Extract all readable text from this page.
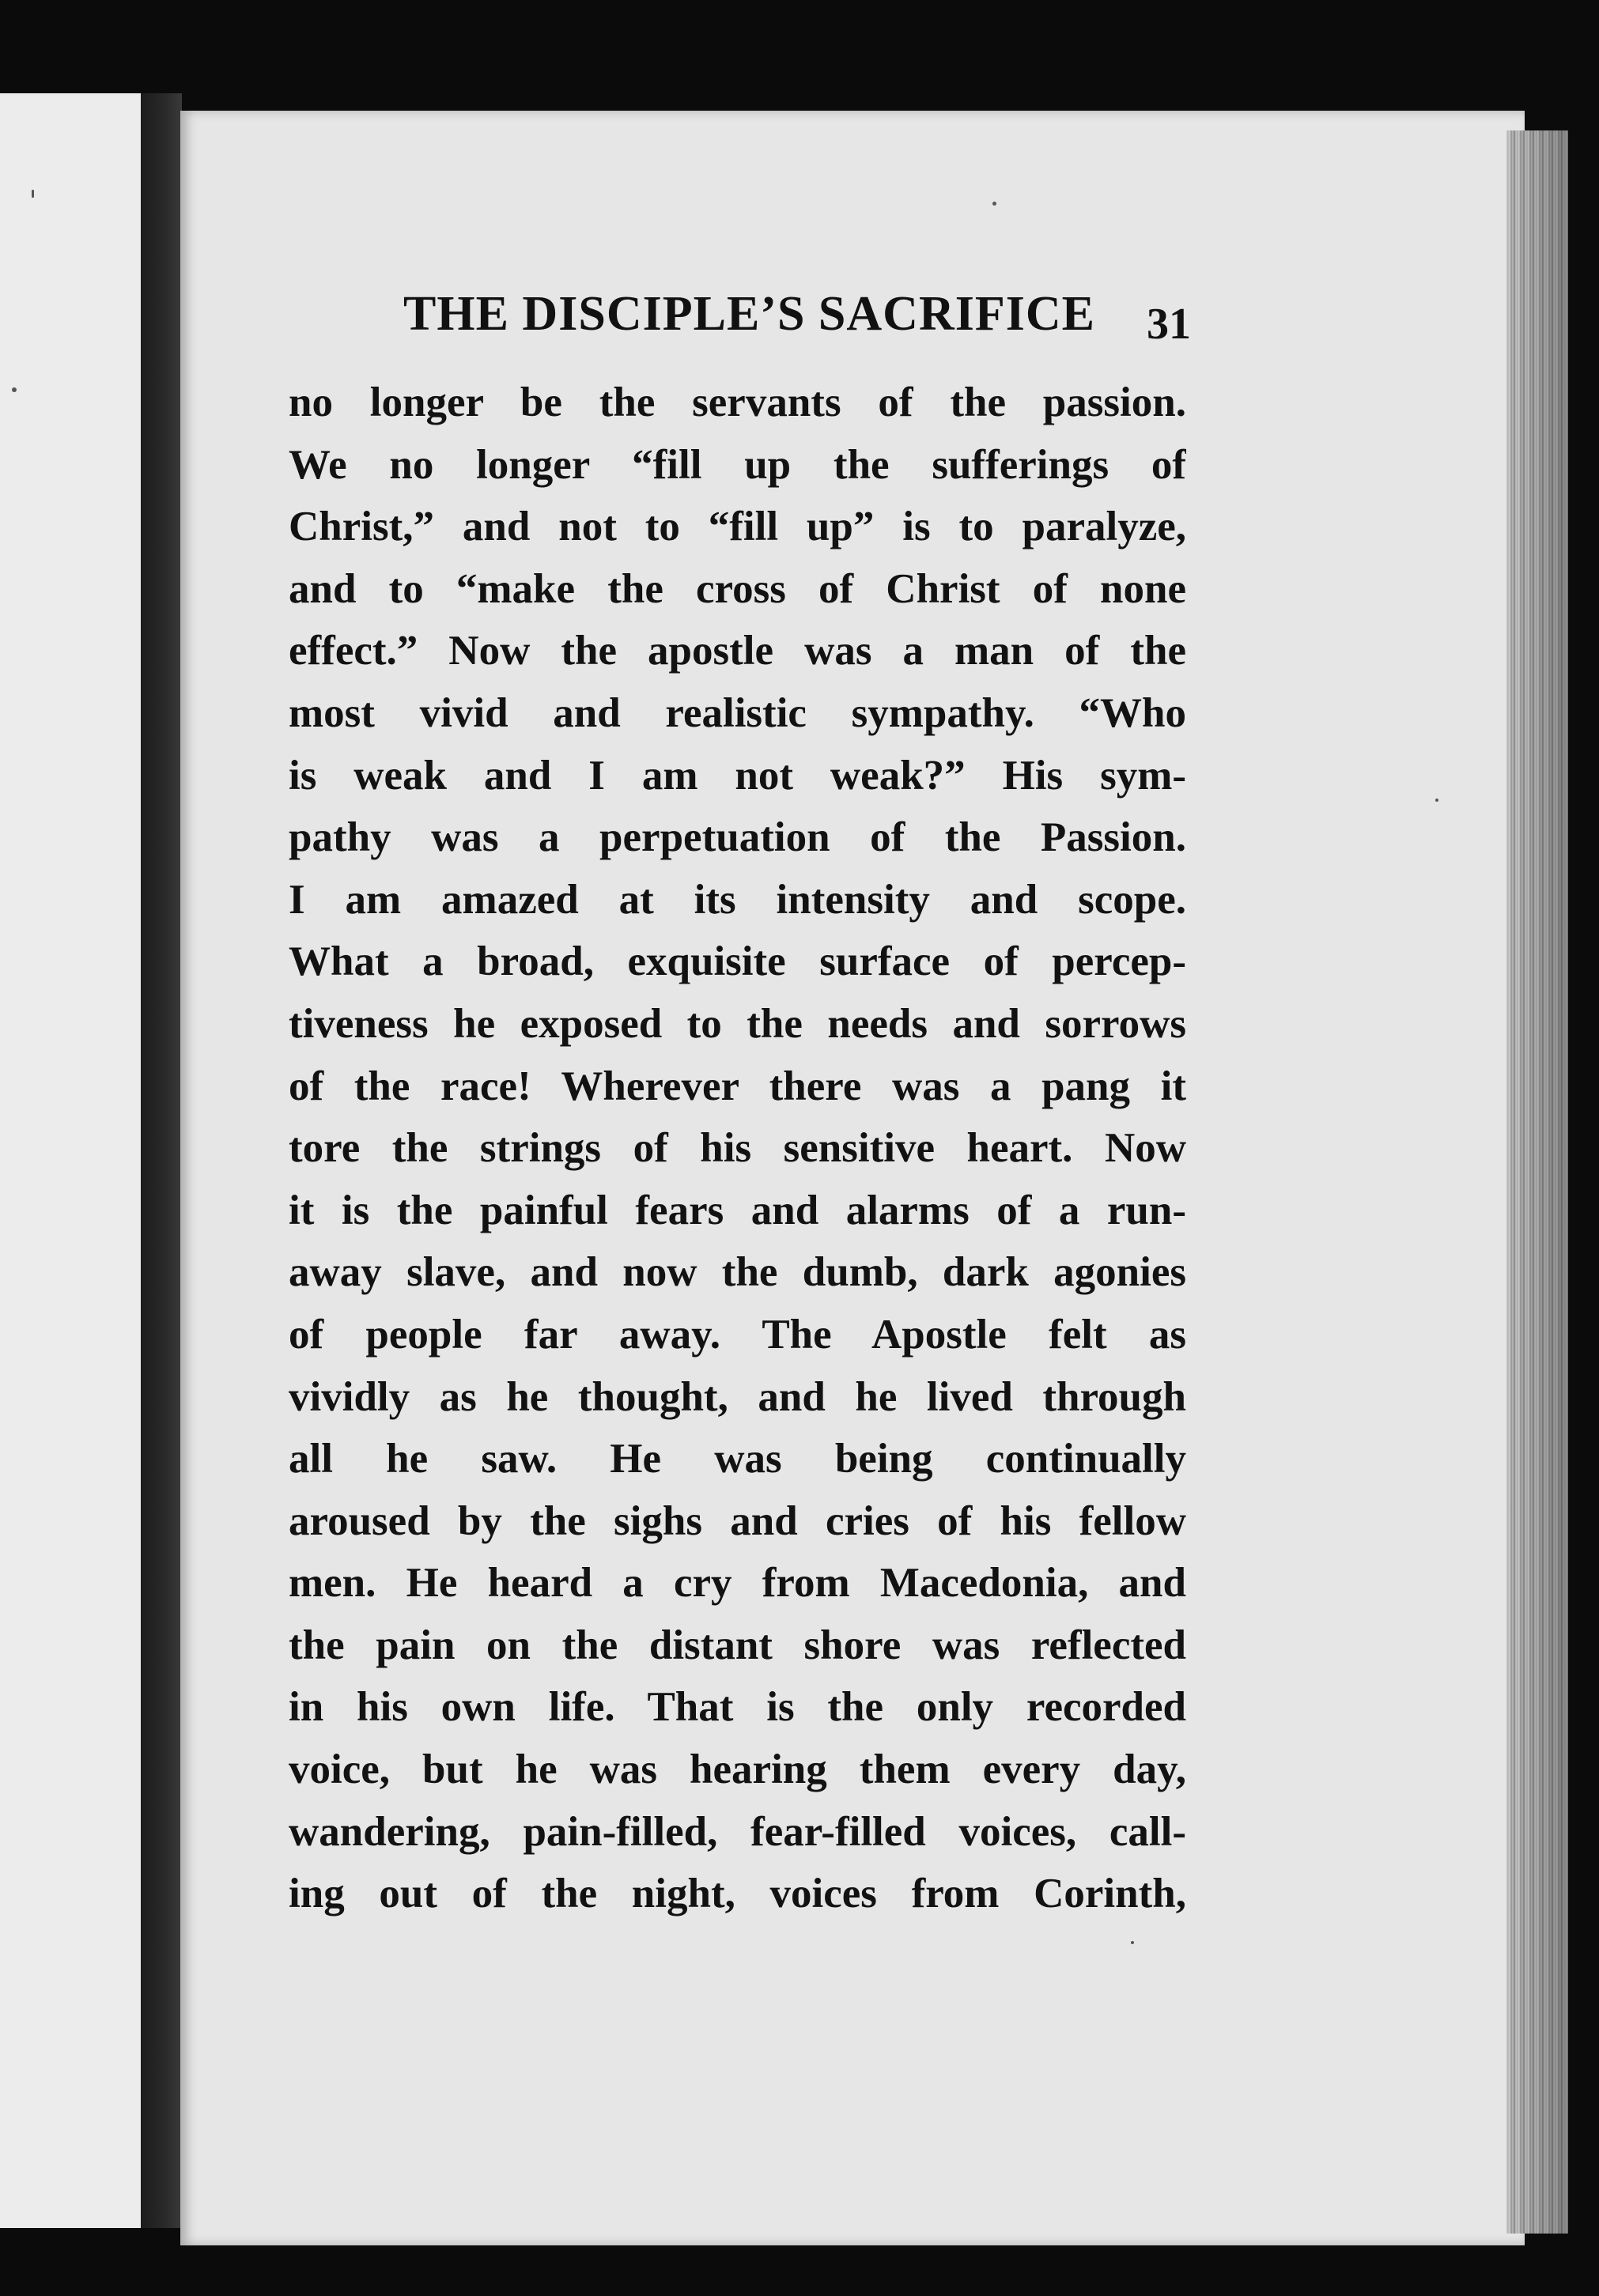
THE DISCIPLE’S SACRIFICE	31
no longer be the servants of the passion.
We no longer “fill up the sufferings of
Christ,” and not to “fill up” is to paralyze,
and to “make the cross of Christ of none
effect.” Now the apostle was a man of the
most vivid and realistic sympathy. “Who
is weak and I am not weak?” His sym-
pathy was a perpetuation of the Passion.
I am amazed at its intensity and scope.
What a broad, exquisite surface of percep-
tiveness he exposed to the needs and sorrows
of the race! Wherever there was a pang it
tore the strings of his sensitive heart. Now
it is the painful fears and alarms of a run-
away slave, and now the dumb, dark agonies
of people far away. The Apostle felt as
vividly as he thought, and he lived through
all he saw. He was being continually
aroused by the sighs and cries of his fellow
men. He heard a cry from Macedonia, and
the pain on the distant shore was reflected
in his own life. That is the only recorded
voice, but he was hearing them every day,
wandering, pain-filled, fear-filled voices, call-
ing out of the night, voices from Corinth,
